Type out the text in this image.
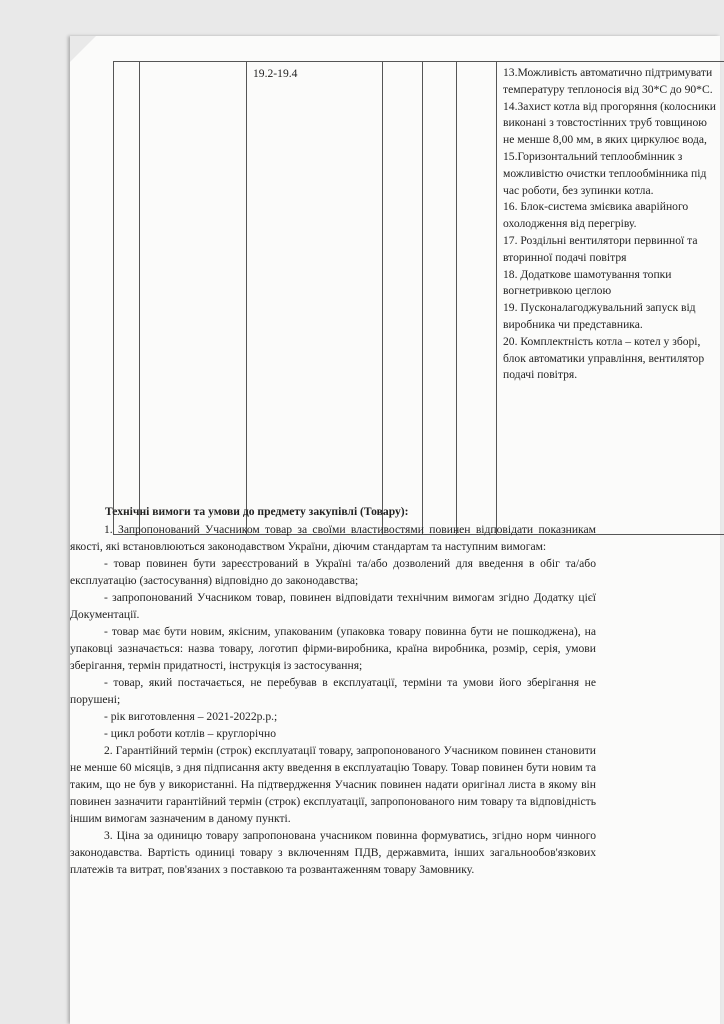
19.2-19.4				13.Можливість автоматично підтримувати температуру теплоносія від 30*С до 90*С.
14.Захист котла від прогоряння (колосники виконані з товстостінних труб товщиною не менше 8,00 мм, в яких циркулює вода,
15.Горизонтальний теплообмінник з можливістю очистки теплообмінника під час роботи, без зупинки котла.
16. Блок-система змієвика аварійного охолодження від перегріву.
17. Роздільні вентилятори первинної та вторинної подачі повітря
18. Додаткове шамотування топки вогнетривкою цеглою
19. Пусконалагоджувальний запуск від виробника чи представника.
20. Комплектність котла – котел у зборі, блок автоматики управління, вентилятор подачі повітря.

Технічні вимоги та умови до предмету закупівлі (Товару):

1. Запропонований Учасником товар за своїми властивостями повинен відповідати показникам якості, які встановлюються законодавством України, діючим стандартам та наступним вимогам:

- товар повинен бути зареєстрований в Україні та/або дозволений для введення в обіг та/або експлуатацію (застосування) відповідно до законодавства;

- запропонований Учасником товар, повинен відповідати технічним вимогам згідно Додатку цієї Документації.

- товар має бути новим, якісним, упакованим (упаковка товару повинна бути не пошкоджена), на упаковці зазначається: назва товару, логотип фірми-виробника, країна виробника, розмір, серія, умови зберігання, термін придатності, інструкція із застосування;

- товар, який постачається, не перебував в експлуатації, терміни та умови його зберігання не порушені;

- рік виготовлення – 2021-2022р.р.;

- цикл роботи котлів – круглорічно

2. Гарантійний термін (строк) експлуатації товару, запропонованого Учасником повинен становити не менше 60 місяців, з дня підписання акту введення в експлуатацію Товару. Товар повинен бути новим та таким, що не був у використанні. На підтвердження Учасник повинен надати оригінал листа в якому він повинен зазначити гарантійний термін (строк) експлуатації, запропонованого ним товару та відповідність іншим вимогам зазначеним в даному пункті.

3. Ціна за одиницю товару запропонована учасником повинна формуватись, згідно норм чинного законодавства. Вартість одиниці товару з включенням ПДВ, державмита, інших загальнообов'язкових платежів та витрат, пов'язаних з поставкою та розвантаженням товару Замовнику.
